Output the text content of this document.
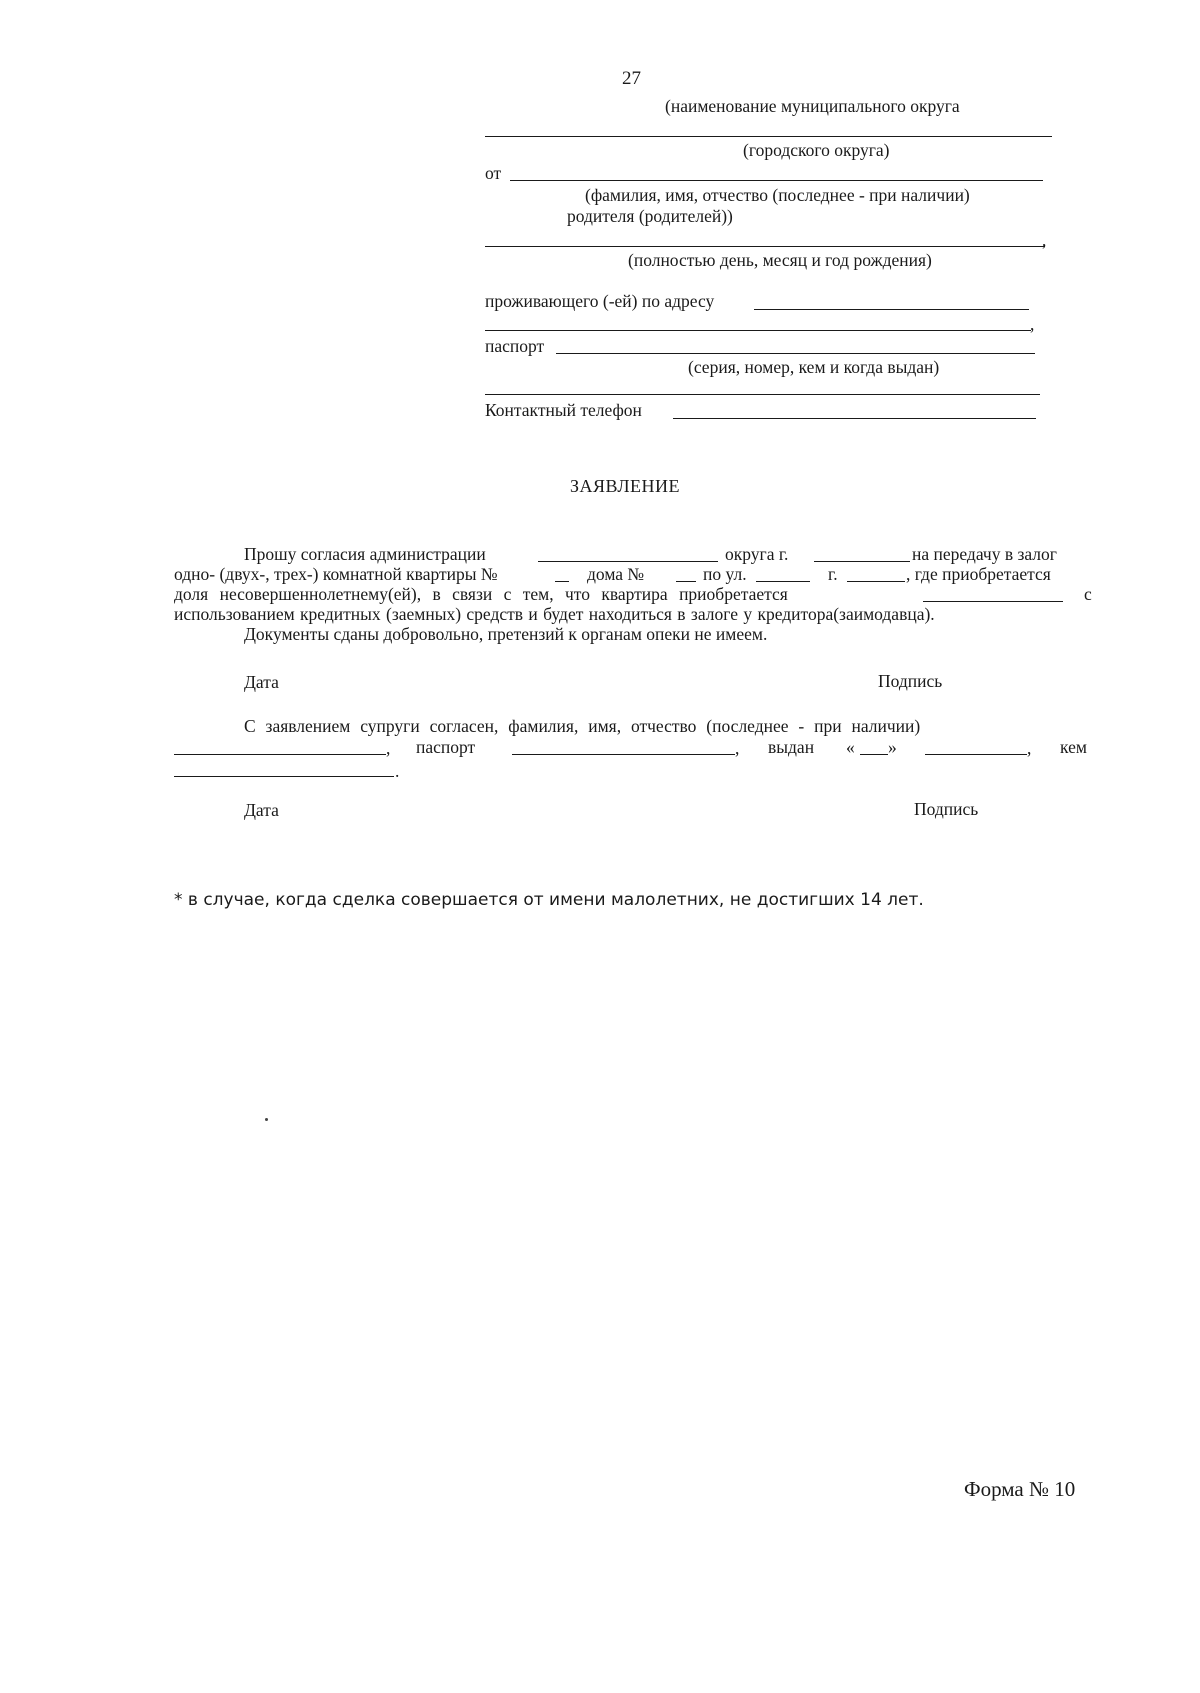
27
(наименование муниципального округа
(городского округа)
от
(фамилия, имя, отчество (последнее - при наличии)
родителя (родителей))
,
(полностью день, месяц и год рождения)
проживающего (-ей) по адресу
,
паспорт
(серия, номер, кем и когда выдан)
Контактный телефон
ЗАЯВЛЕНИЕ
Прошу согласия администрации	округа г.	на передачу в залог
одно- (двух-, трех-) комнатной квартиры №	дома №	по ул.	г.	, где приобретается
доля несовершеннолетнему(ей), в связи с тем, что квартира приобретается	с
использованием кредитных (заемных) средств и будет находиться в залоге у кредитора(заимодавца).
Документы сданы добровольно, претензий к органам опеки не имеем.
Дата	Подпись
С заявлением супруги согласен, фамилия, имя, отчество (последнее - при наличии)
, паспорт	, выдан « »	, кем
.
Дата	Подпись
* в случае, когда сделка совершается от имени малолетних, не достигших 14 лет.
Форма № 10
